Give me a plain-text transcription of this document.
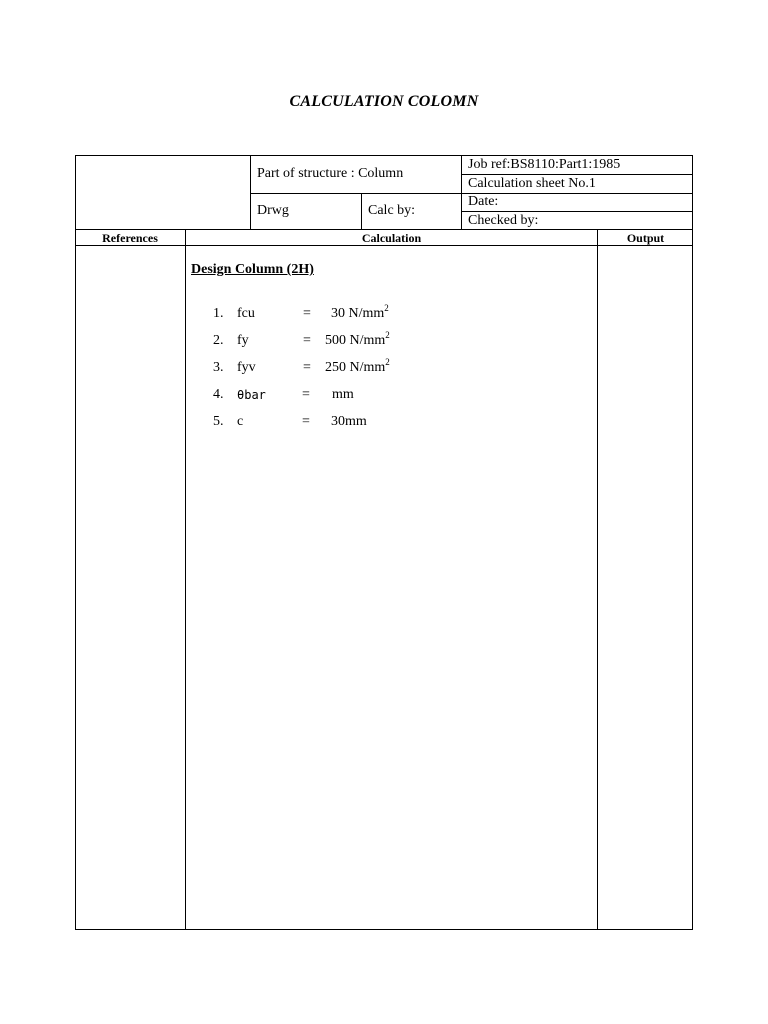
CALCULATION COLOMN
Part of structure : Column
Drwg	Calc by:
Job ref:BS8110:Part1:1985
Calculation sheet No.1
Date:
Checked by:
References	Calculation	Output
Design Column (2H)
1. fcu	= 30 $N/mm^2$
2. fy	= 500 $N/mm^2$
3. fyv	= 250 $N/mm^2$
4. θbar	= mm
5. c	= 30mm
